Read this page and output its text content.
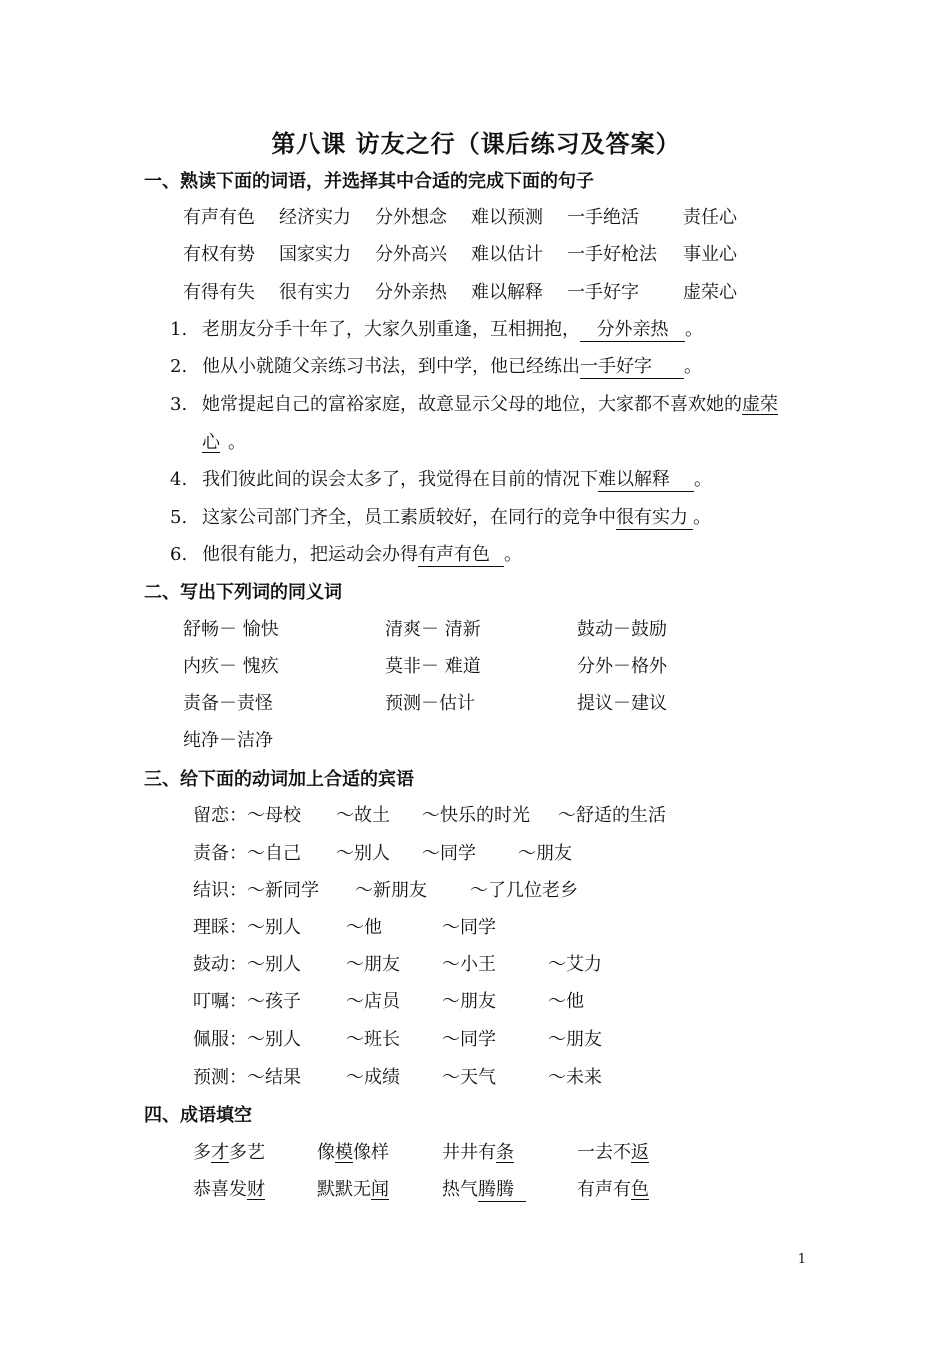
第八课 访友之行（课后练习及答案）
一、熟读下面的词语，并选择其中合适的完成下面的句子
有声有色 经济实力 分外想念 难以预测 一手绝活 责任心
有权有势 国家实力 分外高兴 难以估计 一手好枪法 事业心
有得有失 很有实力 分外亲热 难以解释 一手好字 虚荣心
1. 老朋友分手十年了，大家久别重逢，互相拥抱， 分外亲热 。
2. 他从小就随父亲练习书法，到中学，他已经练出一手好字 。
3. 她常提起自己的富裕家庭，故意显示父母的地位，大家都不喜欢她的虚荣
心 。
4. 我们彼此间的误会太多了，我觉得在目前的情况下难以解释 。
5. 这家公司部门齐全，员工素质较好，在同行的竞争中很有实力 。
6. 他很有能力，把运动会办得有声有色 。
二、写出下列词的同义词
舒畅－ 愉快	清爽－ 清新	鼓动－鼓励
内疚－ 愧疚	莫非－ 难道	分外－格外
责备－责怪	预测－估计	提议－建议
纯净－洁净
三、给下面的动词加上合适的宾语
留恋：～母校 ～故土 ～快乐的时光 ～舒适的生活
责备：～自己 ～别人 ～同学 ～朋友
结识：～新同学 ～新朋友 ～了几位老乡
理睬：～别人	～他	～同学
鼓动：～别人	～朋友 ～小王	～艾力
叮嘱：～孩子	～店员 ～朋友	～他
佩服：～别人	～班长 ～同学	～朋友
预测：～结果	～成绩 ～天气	～未来
四、成语填空
多才多艺	像模像样	井井有条	一去不返
恭喜发财	默默无闻	热气腾腾	有声有色
1
